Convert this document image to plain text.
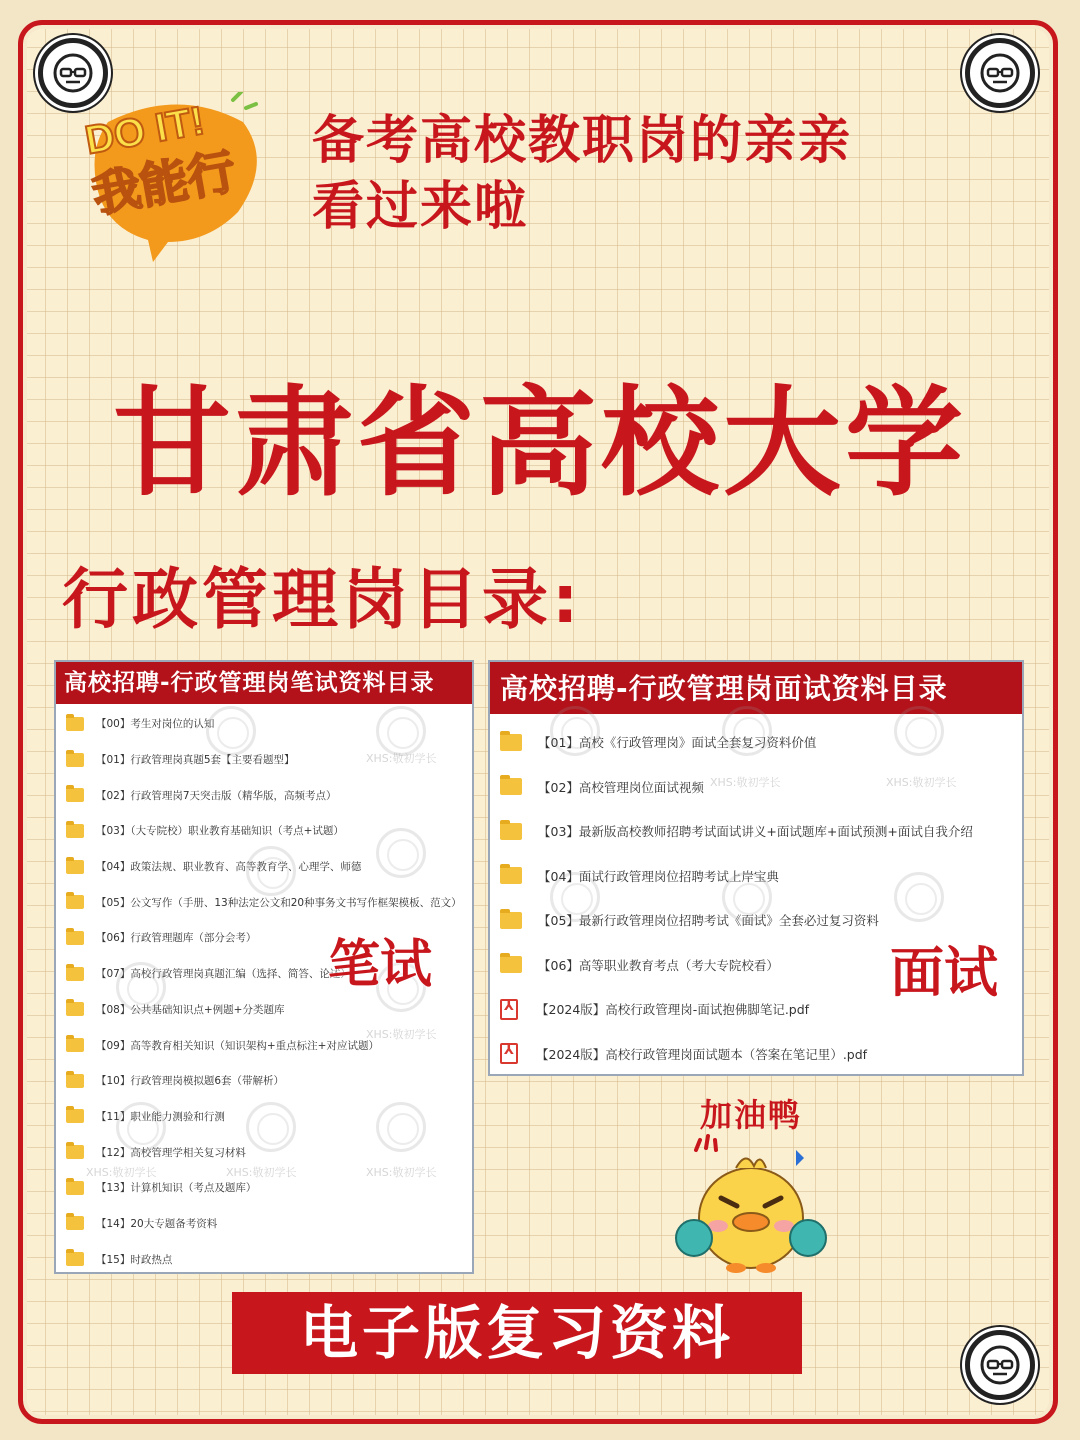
DO IT!
我能行
备考高校教职岗的亲亲
看过来啦
甘肃省高校大学
行政管理岗目录:
高校招聘-行政管理岗笔试资料目录
【00】考生对岗位的认知
【01】行政管理岗真题5套【主要看题型】
【02】行政管理岗7天突击版（精华版，高频考点）
【03】（大专院校）职业教育基础知识（考点+试题）
【04】政策法规、职业教育、高等教育学、心理学、师德
【05】公文写作（手册、13种法定公文和20种事务文书写作框架模板、范文）
【06】行政管理题库（部分会考）
【07】高校行政管理岗真题汇编（选择、简答、论述）
【08】公共基础知识点+例题+分类题库
【09】高等教育相关知识（知识架构+重点标注+对应试题）
【10】行政管理岗模拟题6套（带解析）
【11】职业能力测验和行测
【12】高校管理学相关复习材料
【13】计算机知识（考点及题库）
【14】20大专题备考资料
【15】时政热点
XHS:敬初学长
XHS:敬初学长
XHS:敬初学长	XHS:敬初学长	XHS:敬初学长
高校招聘-行政管理岗面试资料目录
【01】高校《行政管理岗》面试全套复习资料价值
【02】高校管理岗位面试视频
【03】最新版高校教师招聘考试面试讲义+面试题库+面试预测+面试自我介绍
【04】面试行政管理岗位招聘考试上岸宝典
【05】最新行政管理岗位招聘考试《面试》全套必过复习资料
【06】高等职业教育考点（考大专院校看）
⅄
【2024版】高校行政管理岗-面试抱佛脚笔记.pdf
⅄
【2024版】高校行政管理岗面试题本（答案在笔记里）.pdf
XHS:敬初学长	XHS:敬初学长
笔试	面试
加油鸭
电子版复习资料
